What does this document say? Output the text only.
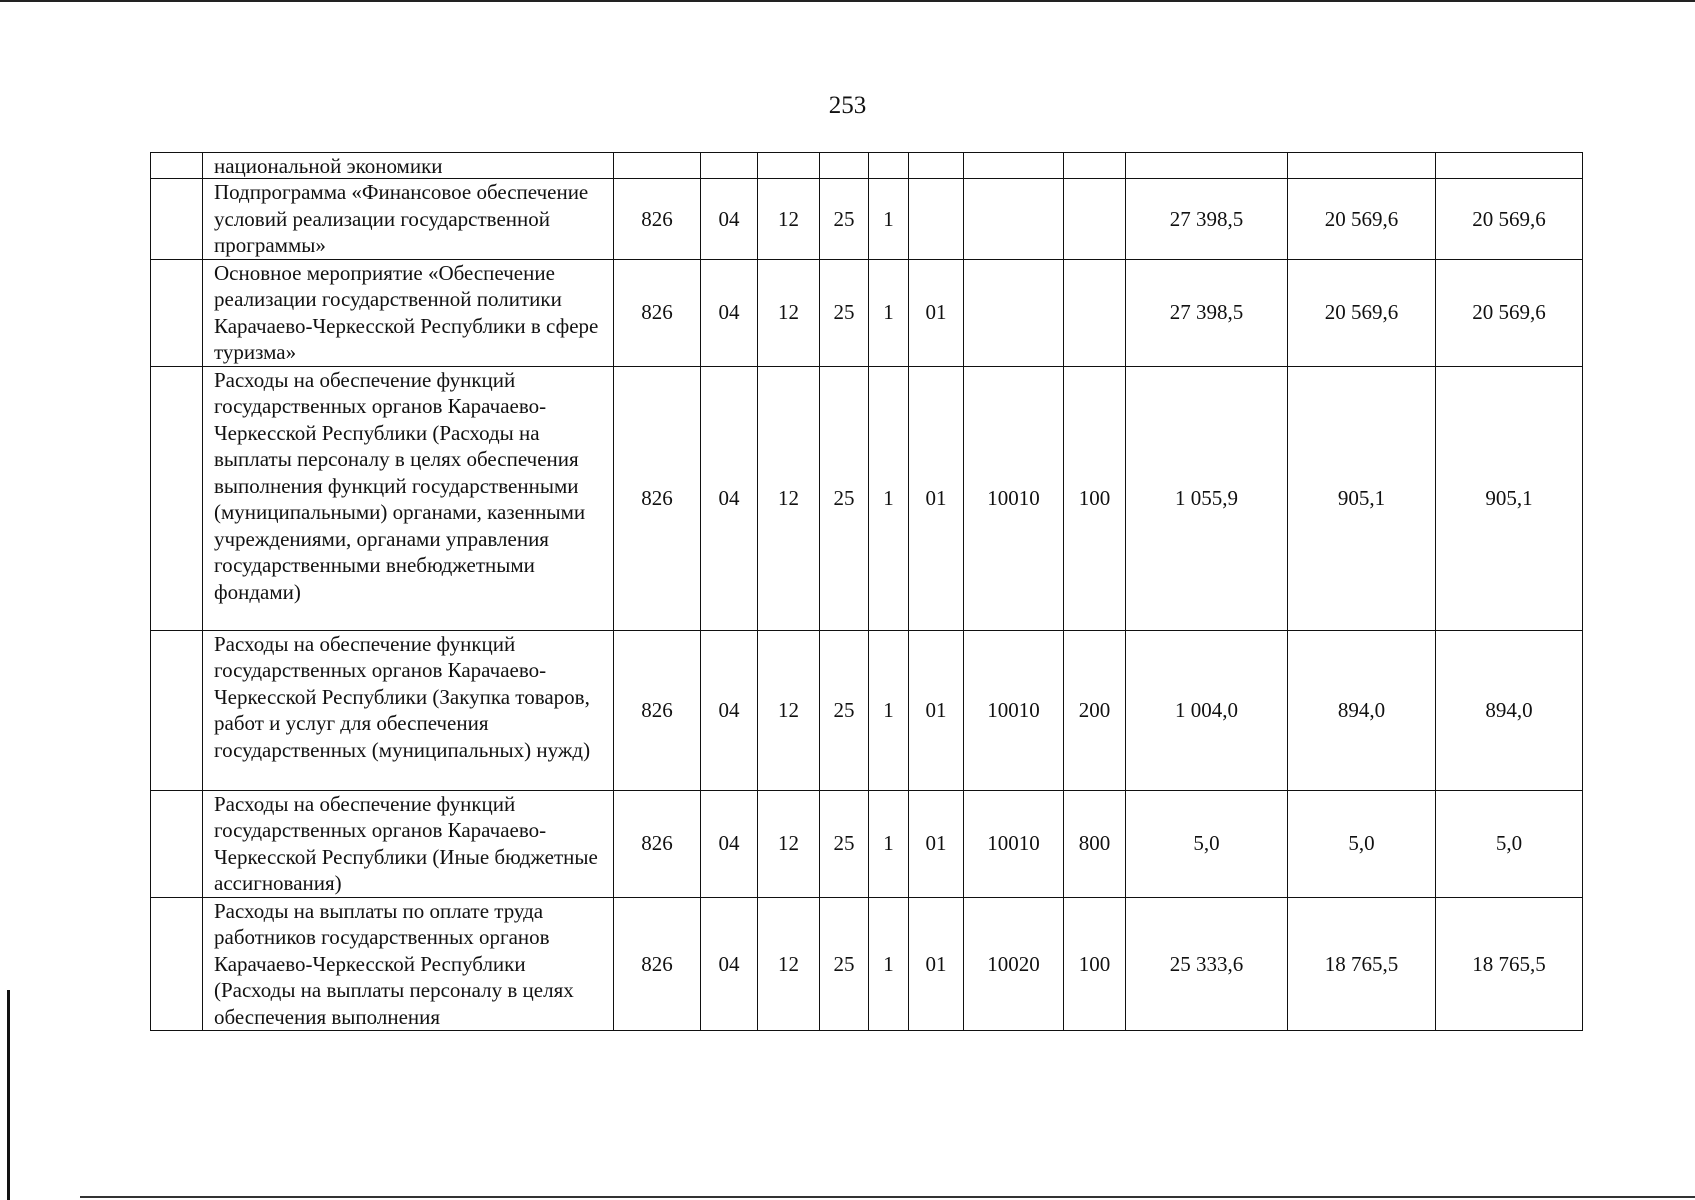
253
	национальной экономики											
	Подпрограмма «Финансовое обеспечение условий реализации государственной программы»	826	04	12	25	1				27 398,5	20 569,6	20 569,6
	Основное мероприятие «Обеспечение реализации государственной политики Карачаево-Черкесской Республики в сфере туризма»	826	04	12	25	1	01			27 398,5	20 569,6	20 569,6
	Расходы на обеспечение функций государственных органов Карачаево-Черкесской Республики (Расходы на выплаты персоналу в целях обеспечения выполнения функций государственными (муниципальными) органами, казенными учреждениями, органами управления государственными внебюджетными фондами)	826	04	12	25	1	01	10010	100	1 055,9	905,1	905,1
	Расходы на обеспечение функций государственных органов Карачаево-Черкесской Республики (Закупка товаров, работ и услуг для обеспечения государственных (муниципальных) нужд)	826	04	12	25	1	01	10010	200	1 004,0	894,0	894,0
	Расходы на обеспечение функций государственных органов Карачаево-Черкесской Республики (Иные бюджетные ассигнования)	826	04	12	25	1	01	10010	800	5,0	5,0	5,0
	Расходы на выплаты по оплате труда работников государственных органов Карачаево-Черкесской Республики (Расходы на выплаты персоналу в целях обеспечения выполнения	826	04	12	25	1	01	10020	100	25 333,6	18 765,5	18 765,5
